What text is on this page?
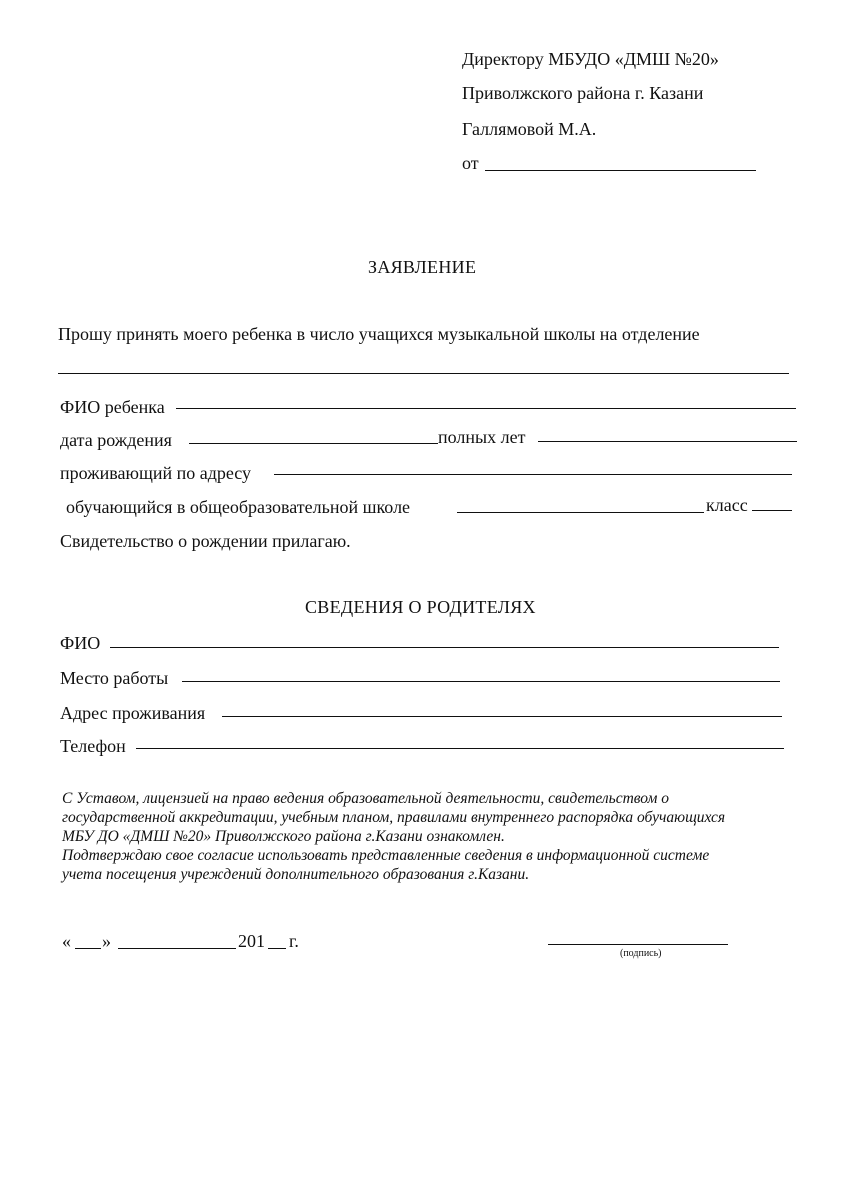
Директору МБУДО «ДМШ №20»
Приволжского района г. Казани
Галлямовой М.А.
от
ЗАЯВЛЕНИЕ
Прошу принять моего ребенка в число учащихся музыкальной школы на отделение
ФИО ребенка
дата рождения	полных лет
проживающий по адресу
обучающийся в общеобразовательной школе	класс
Свидетельство о рождении прилагаю.
СВЕДЕНИЯ О РОДИТЕЛЯХ
ФИО
Место работы
Адрес проживания
Телефон
С Уставом, лицензией на право ведения образовательной деятельности, свидетельством о
государственной аккредитации, учебным планом, правилами внутреннего распорядка обучающихся
МБУ ДО «ДМШ №20» Приволжского района г.Казани ознакомлен.
Подтверждаю свое согласие использовать представленные сведения в информационной системе
учета посещения учреждений дополнительного образования г.Казани.
« »	201 г.
(подпись)
